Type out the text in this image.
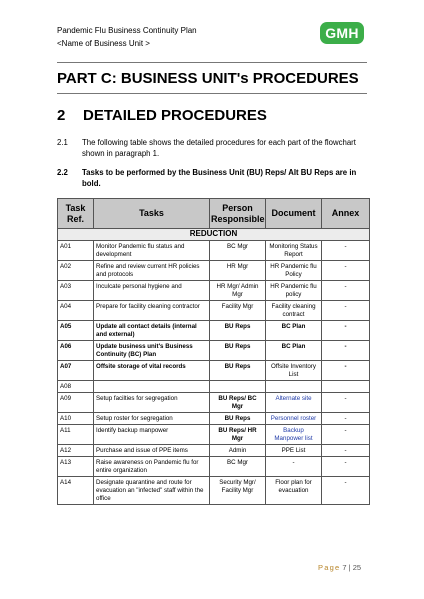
Pandemic Flu Business Continuity Plan
<Name of Business Unit >
GMH
PART C: BUSINESS UNIT's PROCEDURES
2 DETAILED PROCEDURES
2.1 The following table shows the detailed procedures for each part of the flowchart shown in paragraph 1.
2.2 Tasks to be performed by the Business Unit (BU) Reps/ Alt BU Reps are in bold.
Task Ref.	Tasks	Person Responsible	Document	Annex
REDUCTION				
A01	Monitor Pandemic flu status and development	BC Mgr	Monitoring Status Report	-
A02	Refine and review current HR policies and protocols	HR Mgr	HR Pandemic flu Policy	-
A03	Inculcate personal hygiene and	HR Mgr/ Admin Mgr	HR Pandemic flu policy	-
A04	Prepare for facility cleaning contractor	Facility Mgr	Facility cleaning contract	-
A05	Update all contact details (internal and external)	BU Reps	BC Plan	-
A06	Update business unit's Business Continuity (BC) Plan	BU Reps	BC Plan	-
A07	Offsite storage of vital records	BU Reps	Offsite Inventory List	-
A08				
A09	Setup facilties for segregation	BU Reps/ BC Mgr	Alternate site	-
A10	Setup roster for segregation	BU Reps	Personnel roster	-
A11	Identify backup manpower	BU Reps/ HR Mgr	Backup Manpower list	-
A12	Purchase and issue of PPE items	Admin	PPE List	-
A13	Raise awareness on Pandemic flu for entire organization	BC Mgr	-	-
A14	Designate quarantine and route for evacuation an "infected" staff within the office	Security Mgr/ Facility Mgr	Floor plan for evacuation	-
Page 7 | 25
